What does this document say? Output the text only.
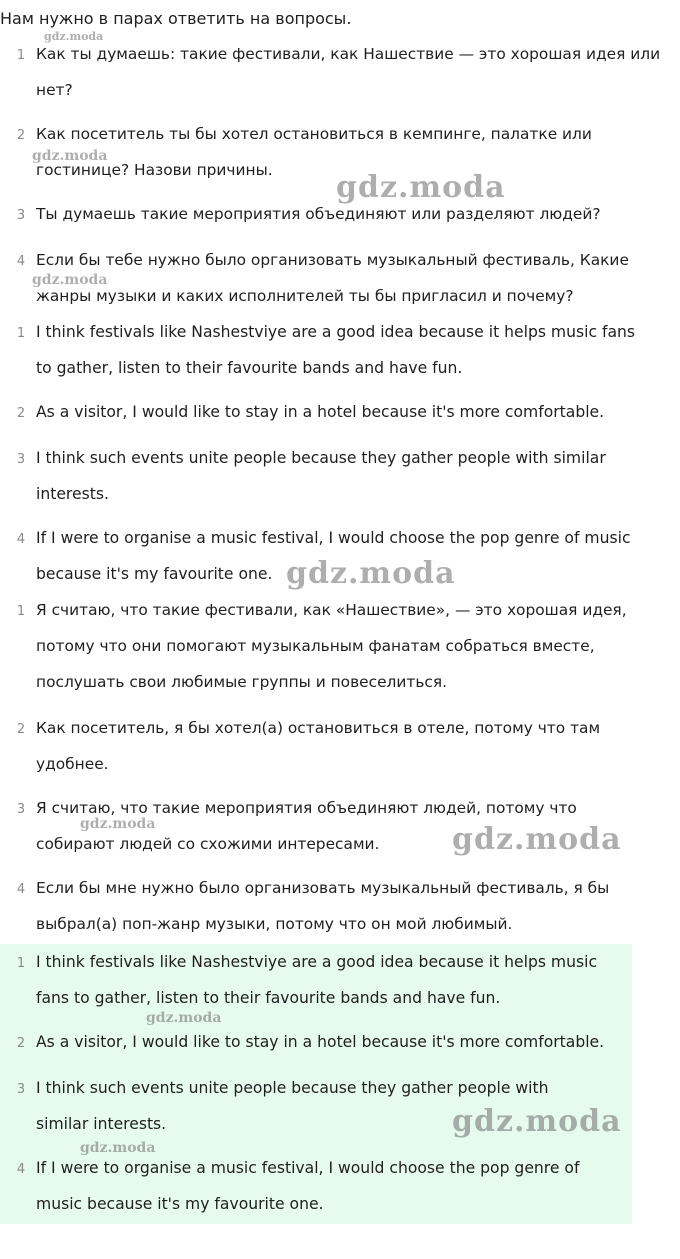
Нам нужно в парах ответить на вопросы.
1 Как ты думаешь: такие фестивали, как Нашествие — это хорошая идея или
нет?
2 Как посетитель ты бы хотел остановиться в кемпинге, палатке или
гостинице? Назови причины.
3 Ты думаешь такие мероприятия объединяют или разделяют людей?
4 Если бы тебе нужно было организовать музыкальный фестиваль, Какие
жанры музыки и каких исполнителей ты бы пригласил и почему?
1 I think festivals like Nashestviye are a good idea because it helps music fans
to gather, listen to their favourite bands and have fun.
2 As a visitor, I would like to stay in a hotel because it's more comfortable.
3 I think such events unite people because they gather people with similar
interests.
4 If I were to organise a music festival, I would choose the pop genre of music
because it's my favourite one.
1 Я считаю, что такие фестивали, как «Нашествие», — это хорошая идея,
потому что они помогают музыкальным фанатам собраться вместе,
послушать свои любимые группы и повеселиться.
2 Как посетитель, я бы хотел(а) остановиться в отеле, потому что там
удобнее.
3 Я считаю, что такие мероприятия объединяют людей, потому что
собирают людей со схожими интересами.
4 Если бы мне нужно было организовать музыкальный фестиваль, я бы
выбрал(а) поп-жанр музыки, потому что он мой любимый.
1 I think festivals like Nashestviye are a good idea because it helps music
fans to gather, listen to their favourite bands and have fun.
2 As a visitor, I would like to stay in a hotel because it's more comfortable.
3 I think such events unite people because they gather people with
similar interests.
4 If I were to organise a music festival, I would choose the pop genre of
music because it's my favourite one.
gdz.moda
gdz.moda
gdz.moda
gdz.moda
gdz.moda
gdz.moda	gdz.moda
gdz.moda
gdz.moda
gdz.moda
